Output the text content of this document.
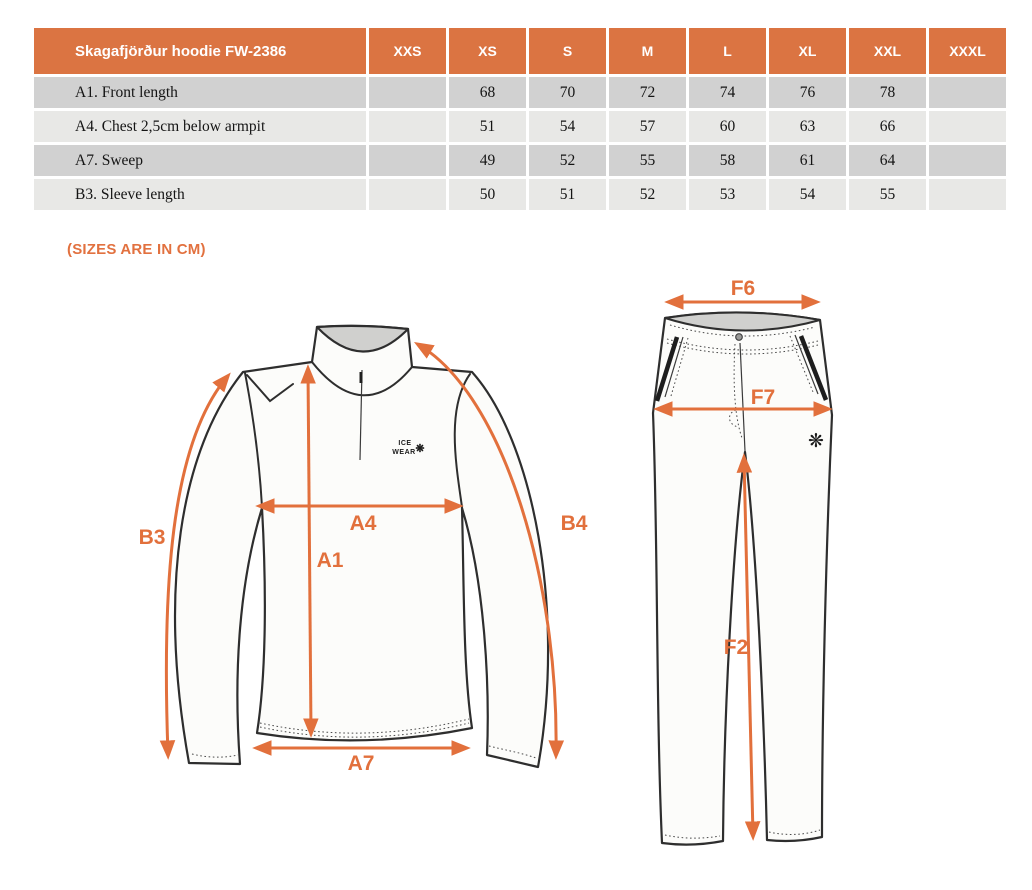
Skagafjörður hoodie FW-2386	XXS	XS	S	M	L	XL	XXL	XXXL
A1. Front length		68	70	72	74	76	78	
A4. Chest 2,5cm below armpit		51	54	57	60	63	66	
A7. Sweep		49	52	55	58	61	64	
B3. Sleeve length		50	51	52	53	54	55	
(SIZES ARE IN CM)
ICE
WEAR ❋
B3
B4
A4
A1
A7
❋
F6
F7
F2
